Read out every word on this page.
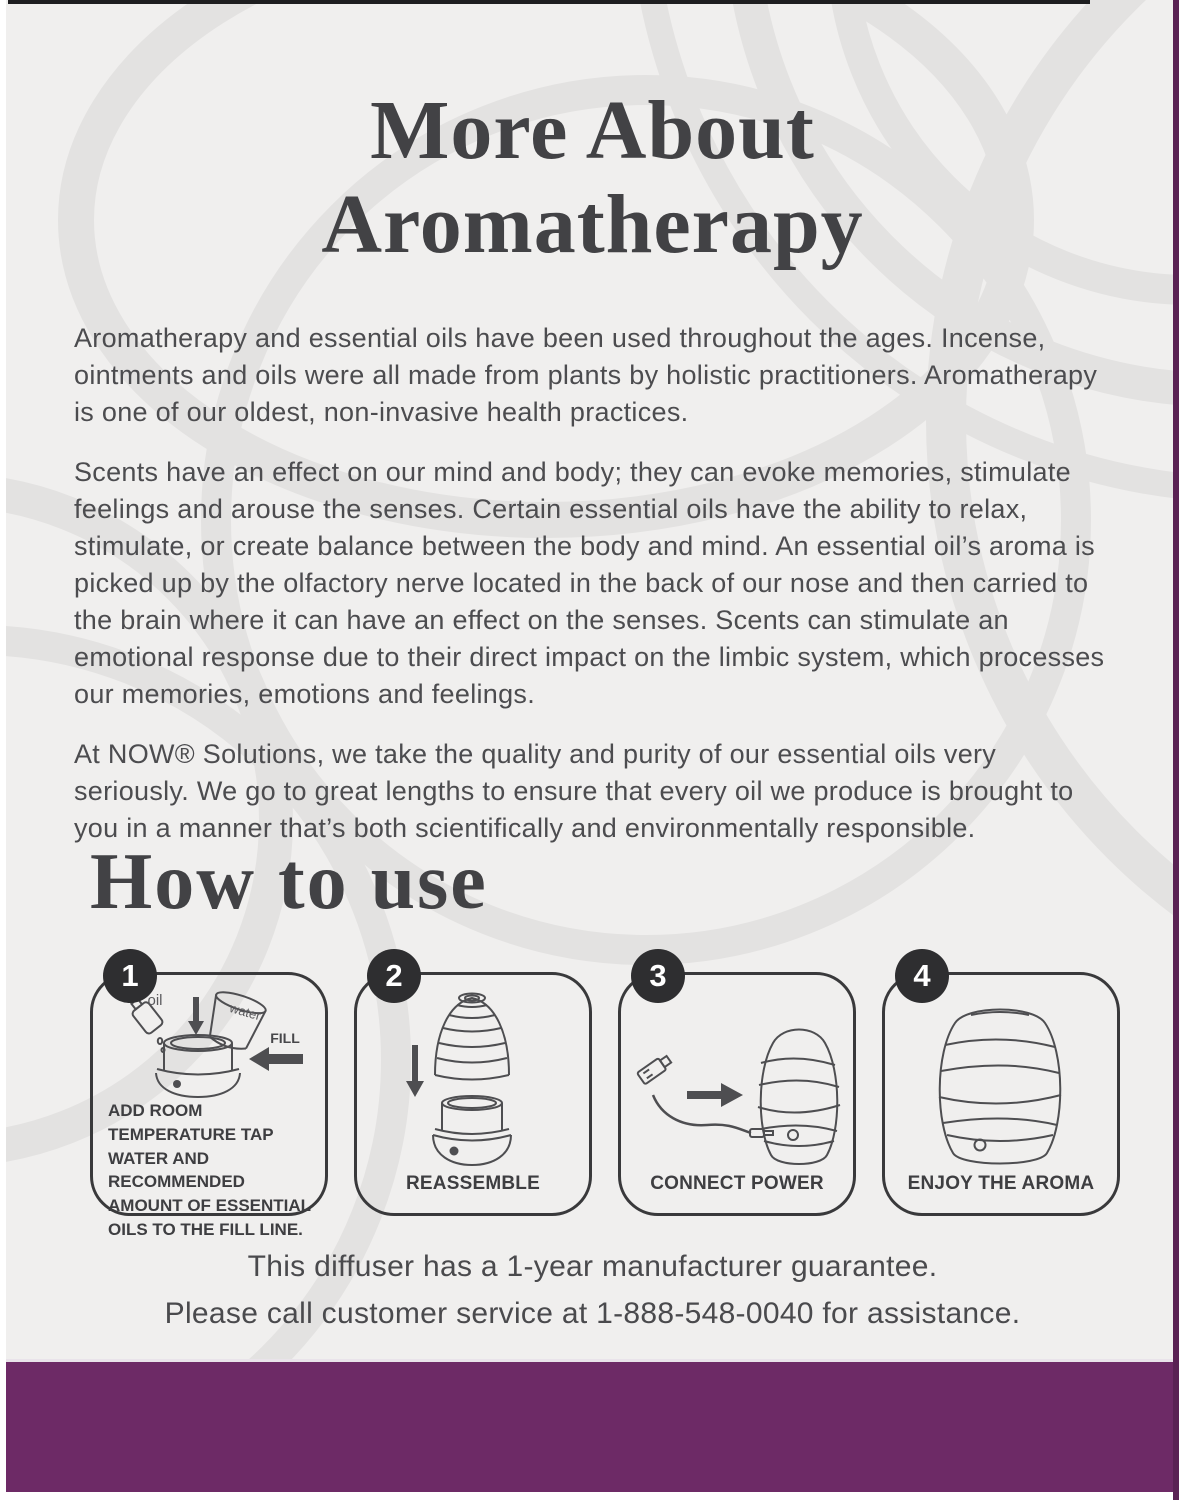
More About
Aromatherapy

Aromatherapy and essential oils have been used throughout the ages. Incense, ointments and oils were all made from plants by holistic practitioners. Aromatherapy is one of our oldest, non-invasive health practices.

Scents have an effect on our mind and body; they can evoke memories, stimulate feelings and arouse the senses. Certain essential oils have the ability to relax, stimulate, or create balance between the body and mind. An essential oil’s aroma is picked up by the olfactory nerve located in the back of our nose and then carried to the brain where it can have an effect on the senses. Scents can stimulate an emotional response due to their direct impact on the limbic system, which processes our memories, emotions and feelings.

At NOW® Solutions, we take the quality and purity of our essential oils very seriously. We go to great lengths to ensure that every oil we produce is brought to you in a manner that’s both scientifically and environmentally responsible.

How to use
1
oil	water
FILL
ADD ROOM TEMPERATURE TAP WATER AND RECOMMENDED AMOUNT OF ESSENTIAL OILS TO THE FILL LINE.
2
REASSEMBLE
3
CONNECT POWER
4
ENJOY THE AROMA
This diffuser has a 1-year manufacturer guarantee.
Please call customer service at 1-888-548-0040 for assistance.
